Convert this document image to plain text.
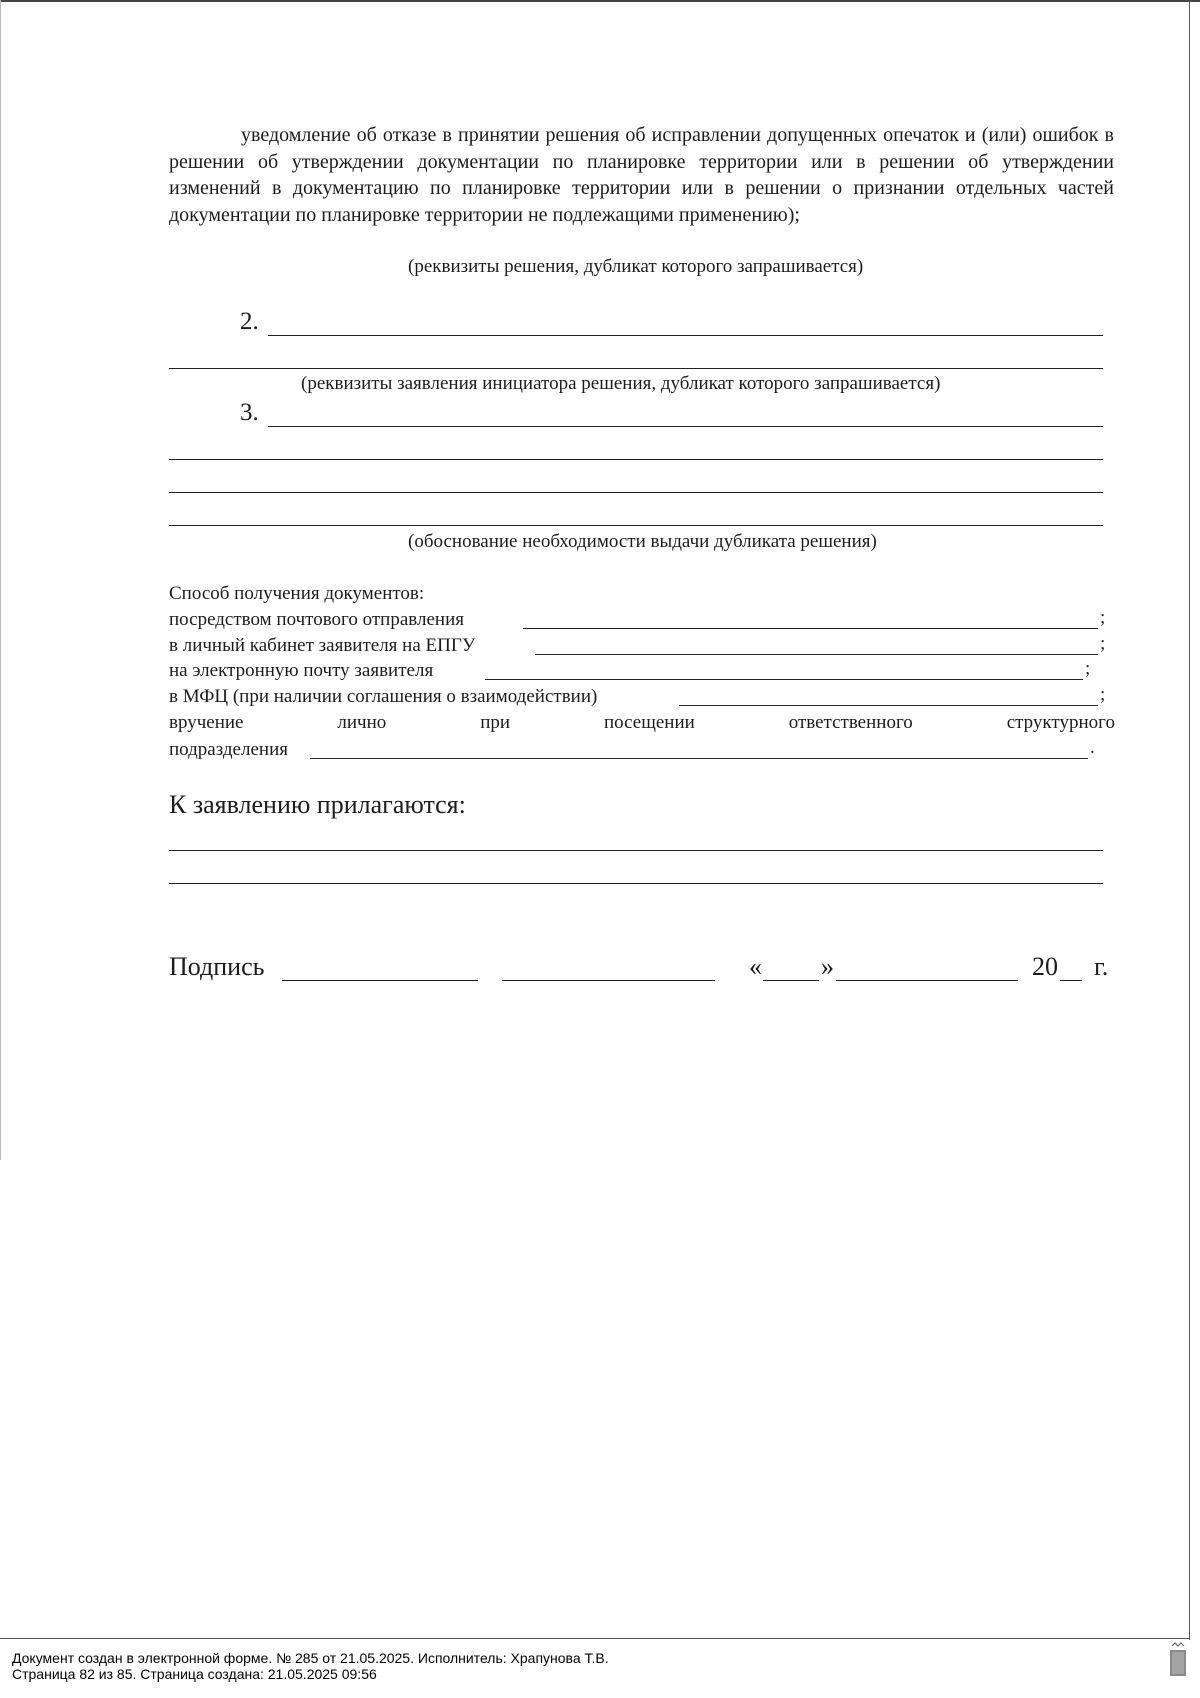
уведомление об отказе в принятии решения об исправлении допущенных опечаток и (или) ошибок в решении об утверждении документации по планировке территории или в решении об утверждении изменений в документацию по планировке территории или в решении о признании отдельных частей документации по планировке территории не подлежащими применению);

(реквизиты решения, дубликат которого запрашивается)
2.
(реквизиты заявления инициатора решения, дубликат которого запрашивается)
3.
(обоснование необходимости выдачи дубликата решения)
Способ получения документов:
посредством почтового отправления	;
в личный кабинет заявителя на ЕПГУ	;
на электронную почту заявителя	;
в МФЦ (при наличии соглашения о взаимодействии)	;
вручение	лично	при	посещении	ответственного	структурного
подразделения	.
К заявлению прилагаются:
Подпись	« »	20 г.
Документ создан в электронной форме. № 285 от 21.05.2025. Исполнитель: Храпунова Т.В.
Страница 82 из 85. Страница создана: 21.05.2025 09:56
